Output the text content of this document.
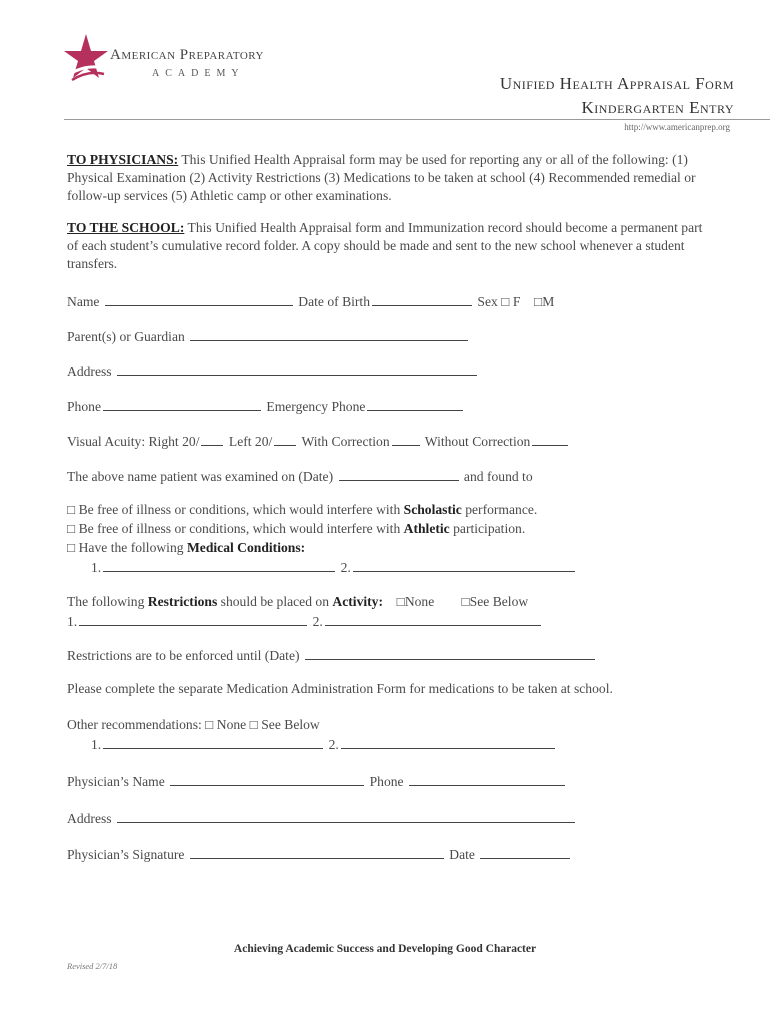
American Preparatory
ACADEMY
Unified Health Appraisal Form
Kindergarten Entry
http://www.americanprep.org
TO PHYSICIANS: This Unified Health Appraisal form may be used for reporting any or all of the following: (1) Physical Examination (2) Activity Restrictions (3) Medications to be taken at school (4) Recommended remedial or follow-up services (5) Athletic camp or other examinations.
TO THE SCHOOL: This Unified Health Appraisal form and Immunization record should become a permanent part of each student’s cumulative record folder. A copy should be made and sent to the new school whenever a student transfers.
Name	Date of Birth	Sex □ F □M
Parent(s) or Guardian
Address
Phone	Emergency Phone
Visual Acuity: Right 20/ Left 20/ With Correction	Without Correction
The above name patient was examined on (Date)	and found to
□ Be free of illness or conditions, which would interfere with Scholastic performance.
□ Be free of illness or conditions, which would interfere with Athletic participation.
□ Have the following Medical Conditions:
1.	2.
The following Restrictions should be placed on Activity: □None □See Below
1.	2.
Restrictions are to be enforced until (Date)
Please complete the separate Medication Administration Form for medications to be taken at school.
Other recommendations: □ None □ See Below
1.	2.
Physician’s Name	Phone
Address
Physician’s Signature	Date
Achieving Academic Success and Developing Good Character
Revised 2/7/18
